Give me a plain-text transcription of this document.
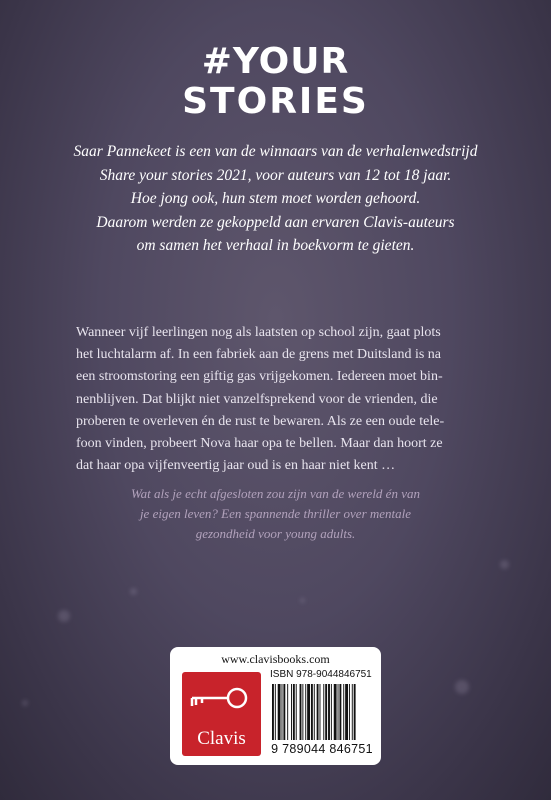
#YOUR
STORIES
Saar Pannekeet is een van de winnaars van de verhalenwedstrijd
Share your stories 2021, voor auteurs van 12 tot 18 jaar.
Hoe jong ook, hun stem moet worden gehoord.
Daarom werden ze gekoppeld aan ervaren Clavis-auteurs
om samen het verhaal in boekvorm te gieten.
Wanneer vijf leerlingen nog als laatsten op school zijn, gaat plots
het luchtalarm af. In een fabriek aan de grens met Duitsland is na
een stroomstoring een giftig gas vrijgekomen. Iedereen moet bin-
nenblijven. Dat blijkt niet vanzelfsprekend voor de vrienden, die
proberen te overleven én de rust te bewaren. Als ze een oude tele-
foon vinden, probeert Nova haar opa te bellen. Maar dan hoort ze
dat haar opa vijfenveertig jaar oud is en haar niet kent …
Wat als je echt afgesloten zou zijn van de wereld én van
je eigen leven? Een spannende thriller over mentale
gezondheid voor young adults.
www.clavisbooks.com
Clavis
ISBN 978-9044846751
9 789044 846751
